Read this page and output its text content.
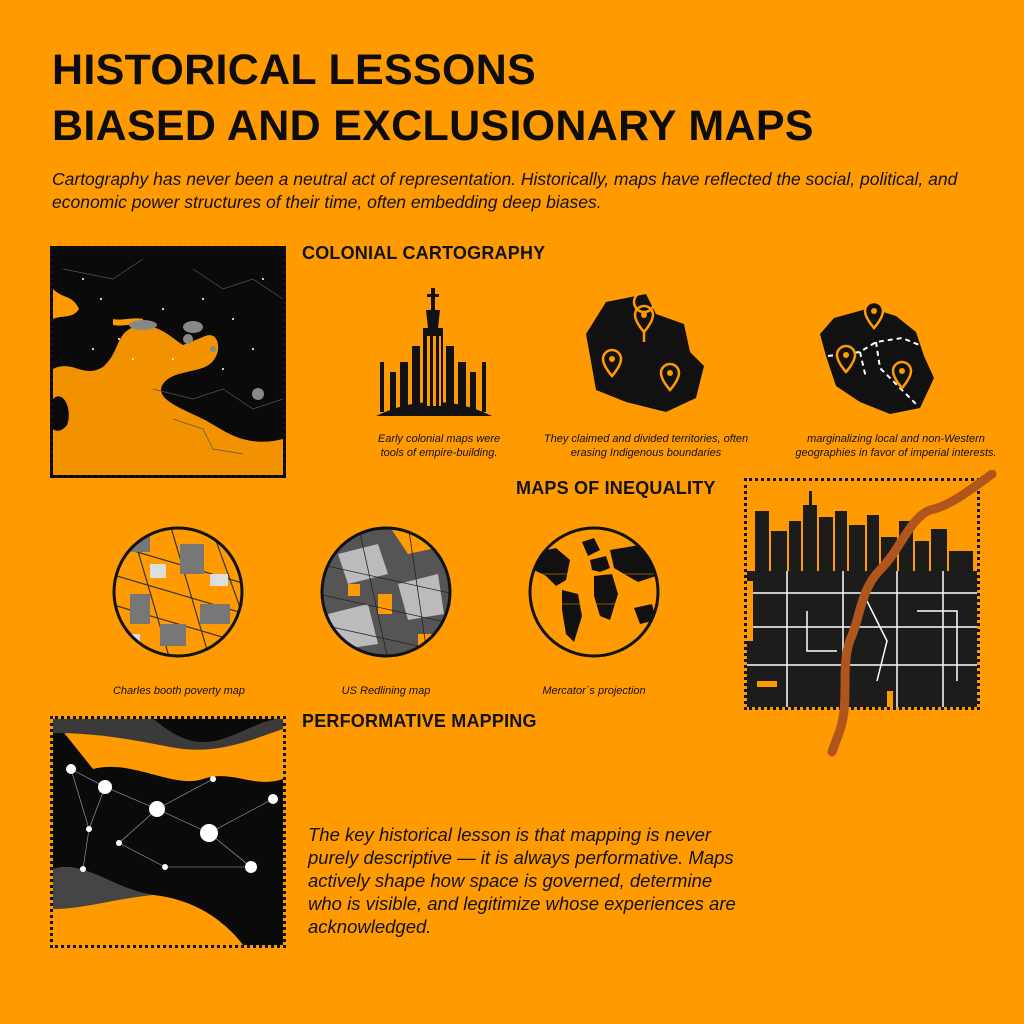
HISTORICAL LESSONS
BIASED AND EXCLUSIONARY MAPS

Cartography has never been a neutral act of representation. Historically, maps have reflected the social, political, and economic power structures of their time, often embedding deep biases.

COLONIAL CARTOGRAPHY

Early colonial maps were tools of empire-building.

They claimed and divided territories, often erasing Indigenous boundaries

marginalizing local and non-Western geographies in favor of imperial interests.

MAPS OF INEQUALITY

Charles booth poverty map	US Redlining map	Mercator´s projection

PERFORMATIVE MAPPING

The key historical lesson is that mapping is never purely descriptive — it is always performative. Maps actively shape how space is governed, determine who is visible, and legitimize whose experiences are acknowledged.
